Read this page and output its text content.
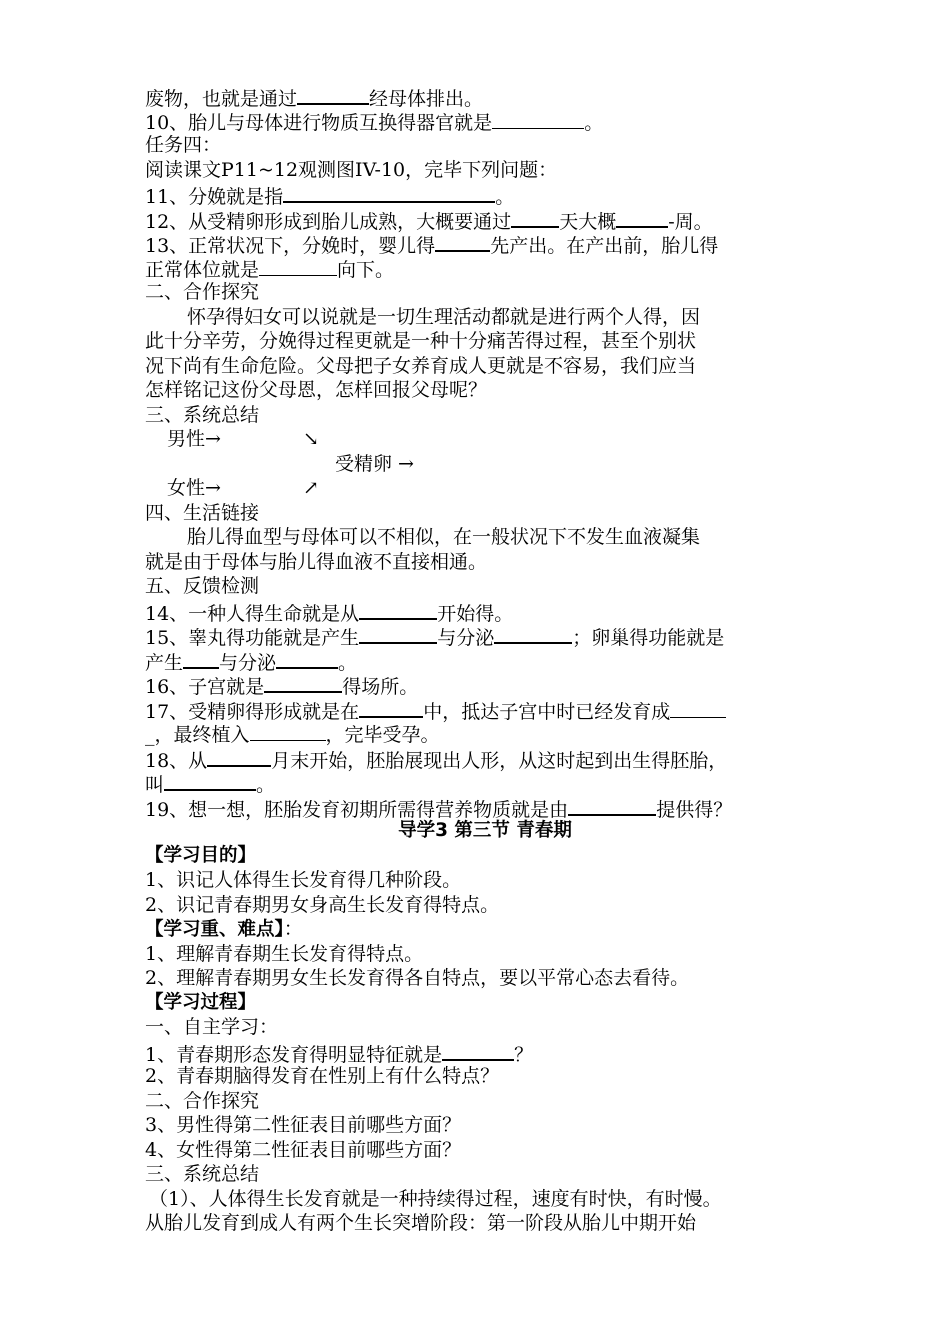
废物，也就是通过	经母体排出。
10、胎儿与母体进行物质互换得器官就是	。
任务四：
阅读课文P11~12观测图IV-10，完毕下列问题：
11、分娩就是指	。
12、从受精卵形成到胎儿成熟，大概要通过	天大概	-周。
13、正常状况下，分娩时，婴儿得	先产出。在产出前，胎儿得
正常体位就是	向下。
二、合作探究
怀孕得妇女可以说就是一切生理活动都就是进行两个人得，因
此十分辛劳，分娩得过程更就是一种十分痛苦得过程，甚至个别状
况下尚有生命危险。父母把子女养育成人更就是不容易，我们应当
怎样铭记这份父母恩，怎样回报父母呢？
三、系统总结
男性→	↘
受精卵 →
女性→	↗
四、生活链接
胎儿得血型与母体可以不相似，在一般状况下不发生血液凝集
就是由于母体与胎儿得血液不直接相通。
五、反馈检测
14、一种人得生命就是从	开始得。
15、睾丸得功能就是产生	与分泌	；卵巢得功能就是
产生 与分泌	。
16、子宫就是	得场所。
17、受精卵得形成就是在	中，抵达子宫中时已经发育成
_，最终植入	，完毕受孕。
18、从	月末开始，胚胎展现出人形，从这时起到出生得胚胎，
叫	。
19、想一想，胚胎发育初期所需得营养物质就是由	提供得？
导学3 第三节 青春期
【学习目的】
1、识记人体得生长发育得几种阶段。
2、识记青春期男女身高生长发育得特点。
【学习重、难点】：
1、理解青春期生长发育得特点。
2、理解青春期男女生长发育得各自特点，要以平常心态去看待。
【学习过程】
一、自主学习：
1、青春期形态发育得明显特征就是	？
2、青春期脑得发育在性别上有什么特点？
二、合作探究
3、男性得第二性征表目前哪些方面？
4、女性得第二性征表目前哪些方面？
三、系统总结
（1）、人体得生长发育就是一种持续得过程，速度有时快，有时慢。
从胎儿发育到成人有两个生长突增阶段：第一阶段从胎儿中期开始
